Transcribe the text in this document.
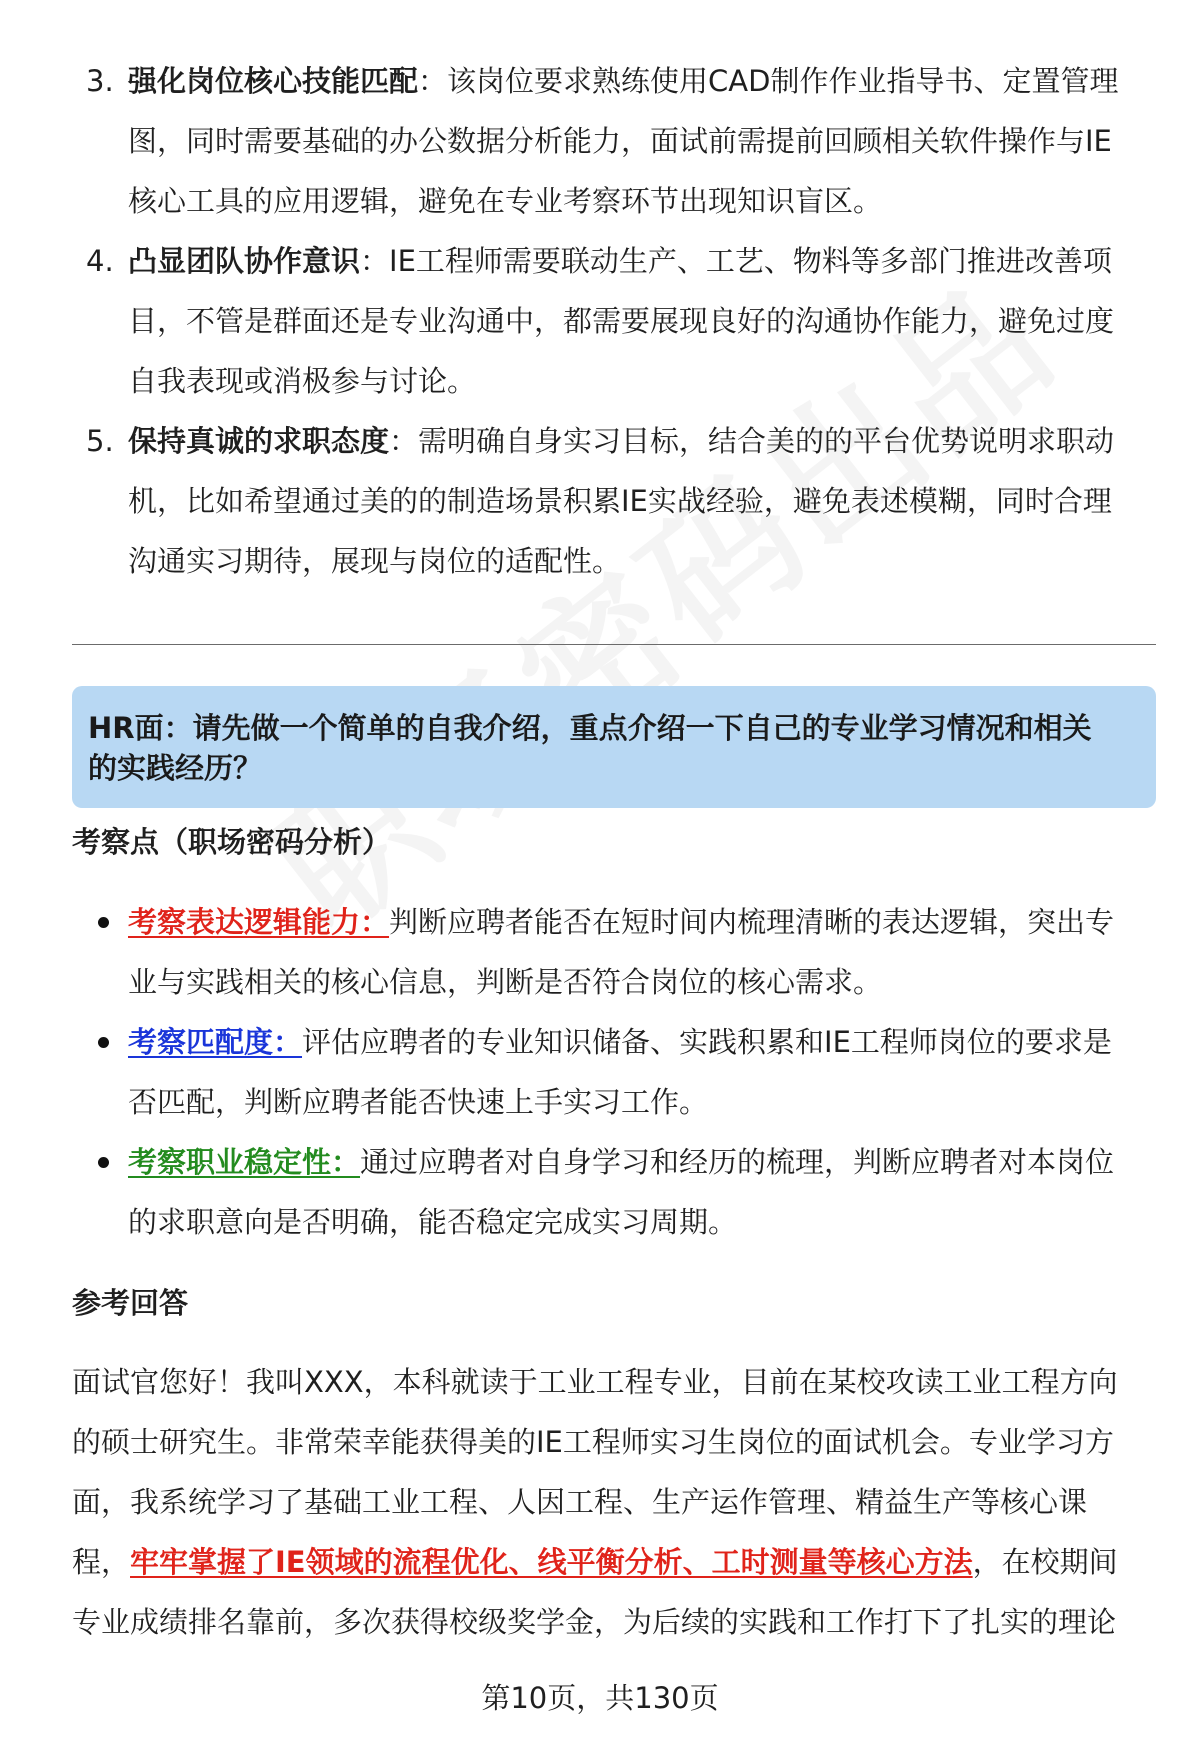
3. 强化岗位核心技能匹配：该岗位要求熟练使用CAD制作作业指导书、定置管理
图，同时需要基础的办公数据分析能力，面试前需提前回顾相关软件操作与IE
核心工具的应用逻辑，避免在专业考察环节出现知识盲区。
4. 凸显团队协作意识：IE工程师需要联动生产、工艺、物料等多部门推进改善项
目，不管是群面还是专业沟通中，都需要展现良好的沟通协作能力，避免过度
自我表现或消极参与讨论。
5. 保持真诚的求职态度：需明确自身实习目标，结合美的的平台优势说明求职动
机，比如希望通过美的的制造场景积累IE实战经验，避免表述模糊，同时合理
沟通实习期待，展现与岗位的适配性。
HR面：请先做一个简单的自我介绍，重点介绍一下自己的专业学习情况和相关
的实践经历？
考察点（职场密码分析）
考察表达逻辑能力：判断应聘者能否在短时间内梳理清晰的表达逻辑，突出专
业与实践相关的核心信息，判断是否符合岗位的核心需求。
考察匹配度：评估应聘者的专业知识储备、实践积累和IE工程师岗位的要求是
否匹配，判断应聘者能否快速上手实习工作。
考察职业稳定性：通过应聘者对自身学习和经历的梳理，判断应聘者对本岗位
的求职意向是否明确，能否稳定完成实习周期。
参考回答
面试官您好！我叫XXX，本科就读于工业工程专业，目前在某校攻读工业工程方向
的硕士研究生。非常荣幸能获得美的IE工程师实习生岗位的面试机会。专业学习方
面，我系统学习了基础工业工程、人因工程、生产运作管理、精益生产等核心课
程，牢牢掌握了IE领域的流程优化、线平衡分析、工时测量等核心方法，在校期间
专业成绩排名靠前，多次获得校级奖学金，为后续的实践和工作打下了扎实的理论
第10页，共130页
